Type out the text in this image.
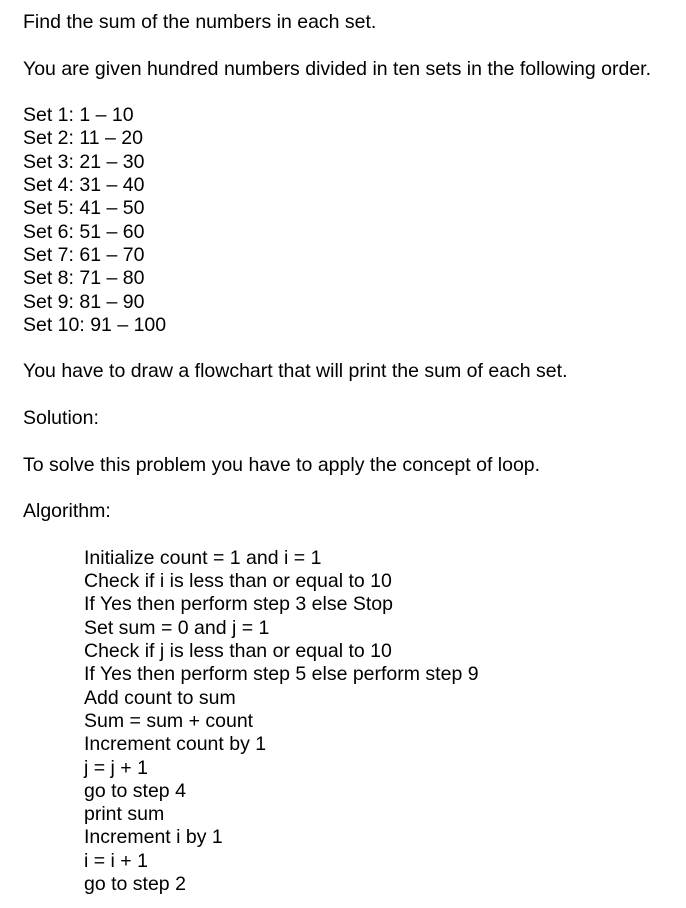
Find the sum of the numbers in each set.
You are given hundred numbers divided in ten sets in the following order.
Set 1: 1 – 10
Set 2: 11 – 20
Set 3: 21 – 30
Set 4: 31 – 40
Set 5: 41 – 50
Set 6: 51 – 60
Set 7: 61 – 70
Set 8: 71 – 80
Set 9: 81 – 90
Set 10: 91 – 100
You have to draw a flowchart that will print the sum of each set.
Solution:
To solve this problem you have to apply the concept of loop.
Algorithm:
Initialize count = 1 and i = 1
Check if i is less than or equal to 10
If Yes then perform step 3 else Stop
Set sum = 0 and j = 1
Check if j is less than or equal to 10
If Yes then perform step 5 else perform step 9
Add count to sum
Sum = sum + count
Increment count by 1
j = j + 1
go to step 4
print sum
Increment i by 1
i = i + 1
go to step 2
